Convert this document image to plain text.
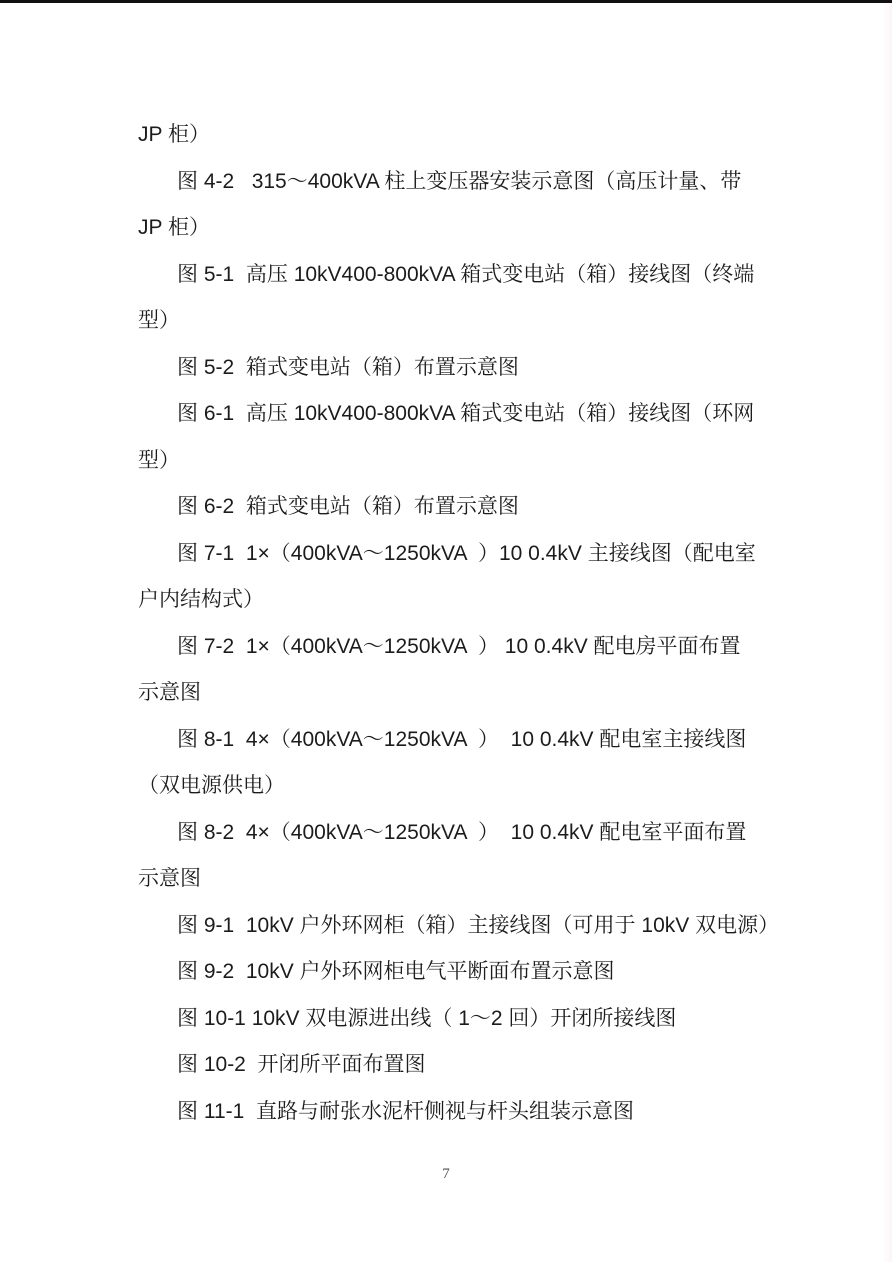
JP 柜）
图 4-2   315～400kVA 柱上变压器安装示意图（高压计量、带
JP 柜）
图 5-1  高压 10kV400-800kVA 箱式变电站（箱）接线图（终端
型）
图 5-2  箱式变电站（箱）布置示意图
图 6-1  高压 10kV400-800kVA 箱式变电站（箱）接线图（环网
型）
图 6-2  箱式变电站（箱）布置示意图
图 7-1  1×（400kVA～1250kVA  ）10 0.4kV 主接线图（配电室
户内结构式）
图 7-2  1×（400kVA～1250kVA  ） 10 0.4kV 配电房平面布置
示意图
图 8-1  4×（400kVA～1250kVA  ）  10 0.4kV 配电室主接线图
（双电源供电）
图 8-2  4×（400kVA～1250kVA  ）  10 0.4kV 配电室平面布置
示意图
图 9-1  10kV 户外环网柜（箱）主接线图（可用于 10kV 双电源）
图 9-2  10kV 户外环网柜电气平断面布置示意图
图 10-1 10kV 双电源进出线（ 1～2 回）开闭所接线图
图 10-2  开闭所平面布置图
图 11-1  直路与耐张水泥杆侧视与杆头组装示意图
7
